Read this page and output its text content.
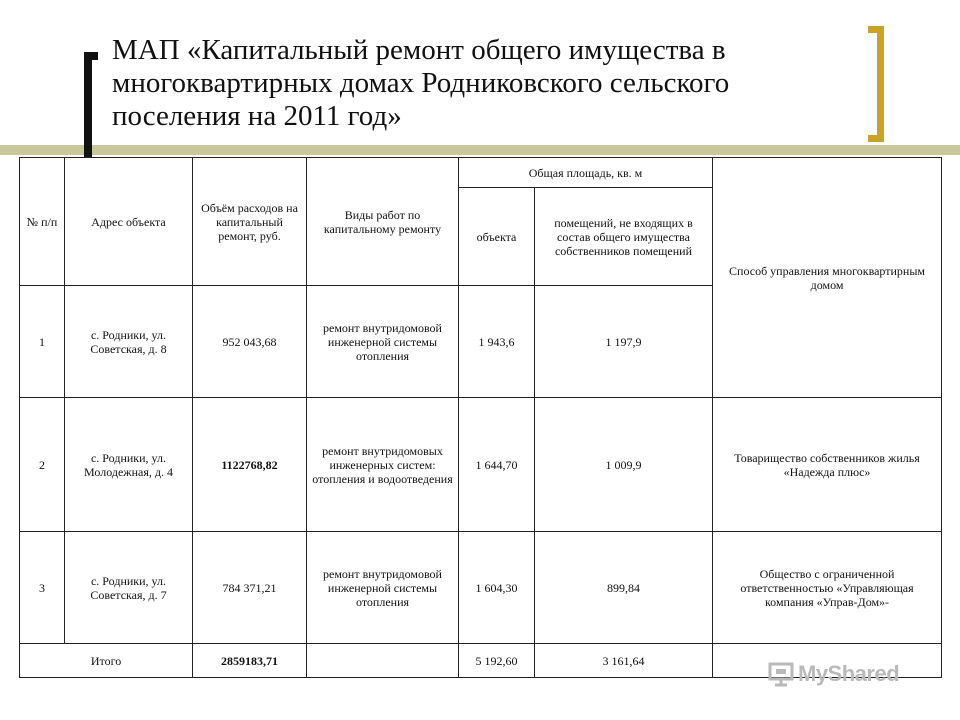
МАП «Капитальный ремонт общего имущества в многоквартирных домах Родниковского сельского поселения на 2011 год»
№ п/п	Адрес объекта	Объём расходов на капитальный ремонт, руб.	Виды работ по капитальному ремонту	Общая площадь, кв. м		Способ управления многоквартирным домом	
				объекта	помещений, не входящих в состав общего имущества собственников помещений		
1	с. Родники, ул. Советская, д. 8	952 043,68	ремонт внутридомовой инженерной системы отопления	1 943,6	1 197,9	
2	с. Родники, ул. Молодежная, д. 4	1122768,82	ремонт внутридомовых инженерных систем: отопления и водоотведения	1 644,70	1 009,9	Товарищество собственников жилья «Надежда плюс»	
3	с. Родники, ул. Советская, д. 7	784 371,21	ремонт внутридомовой инженерной системы отопления	1 604,30	899,84	Общество с ограниченной ответственностью «Управляющая компания «Управ-Дом»-	
Итого		2859183,71		5 192,60	3 161,64		
MyShared
